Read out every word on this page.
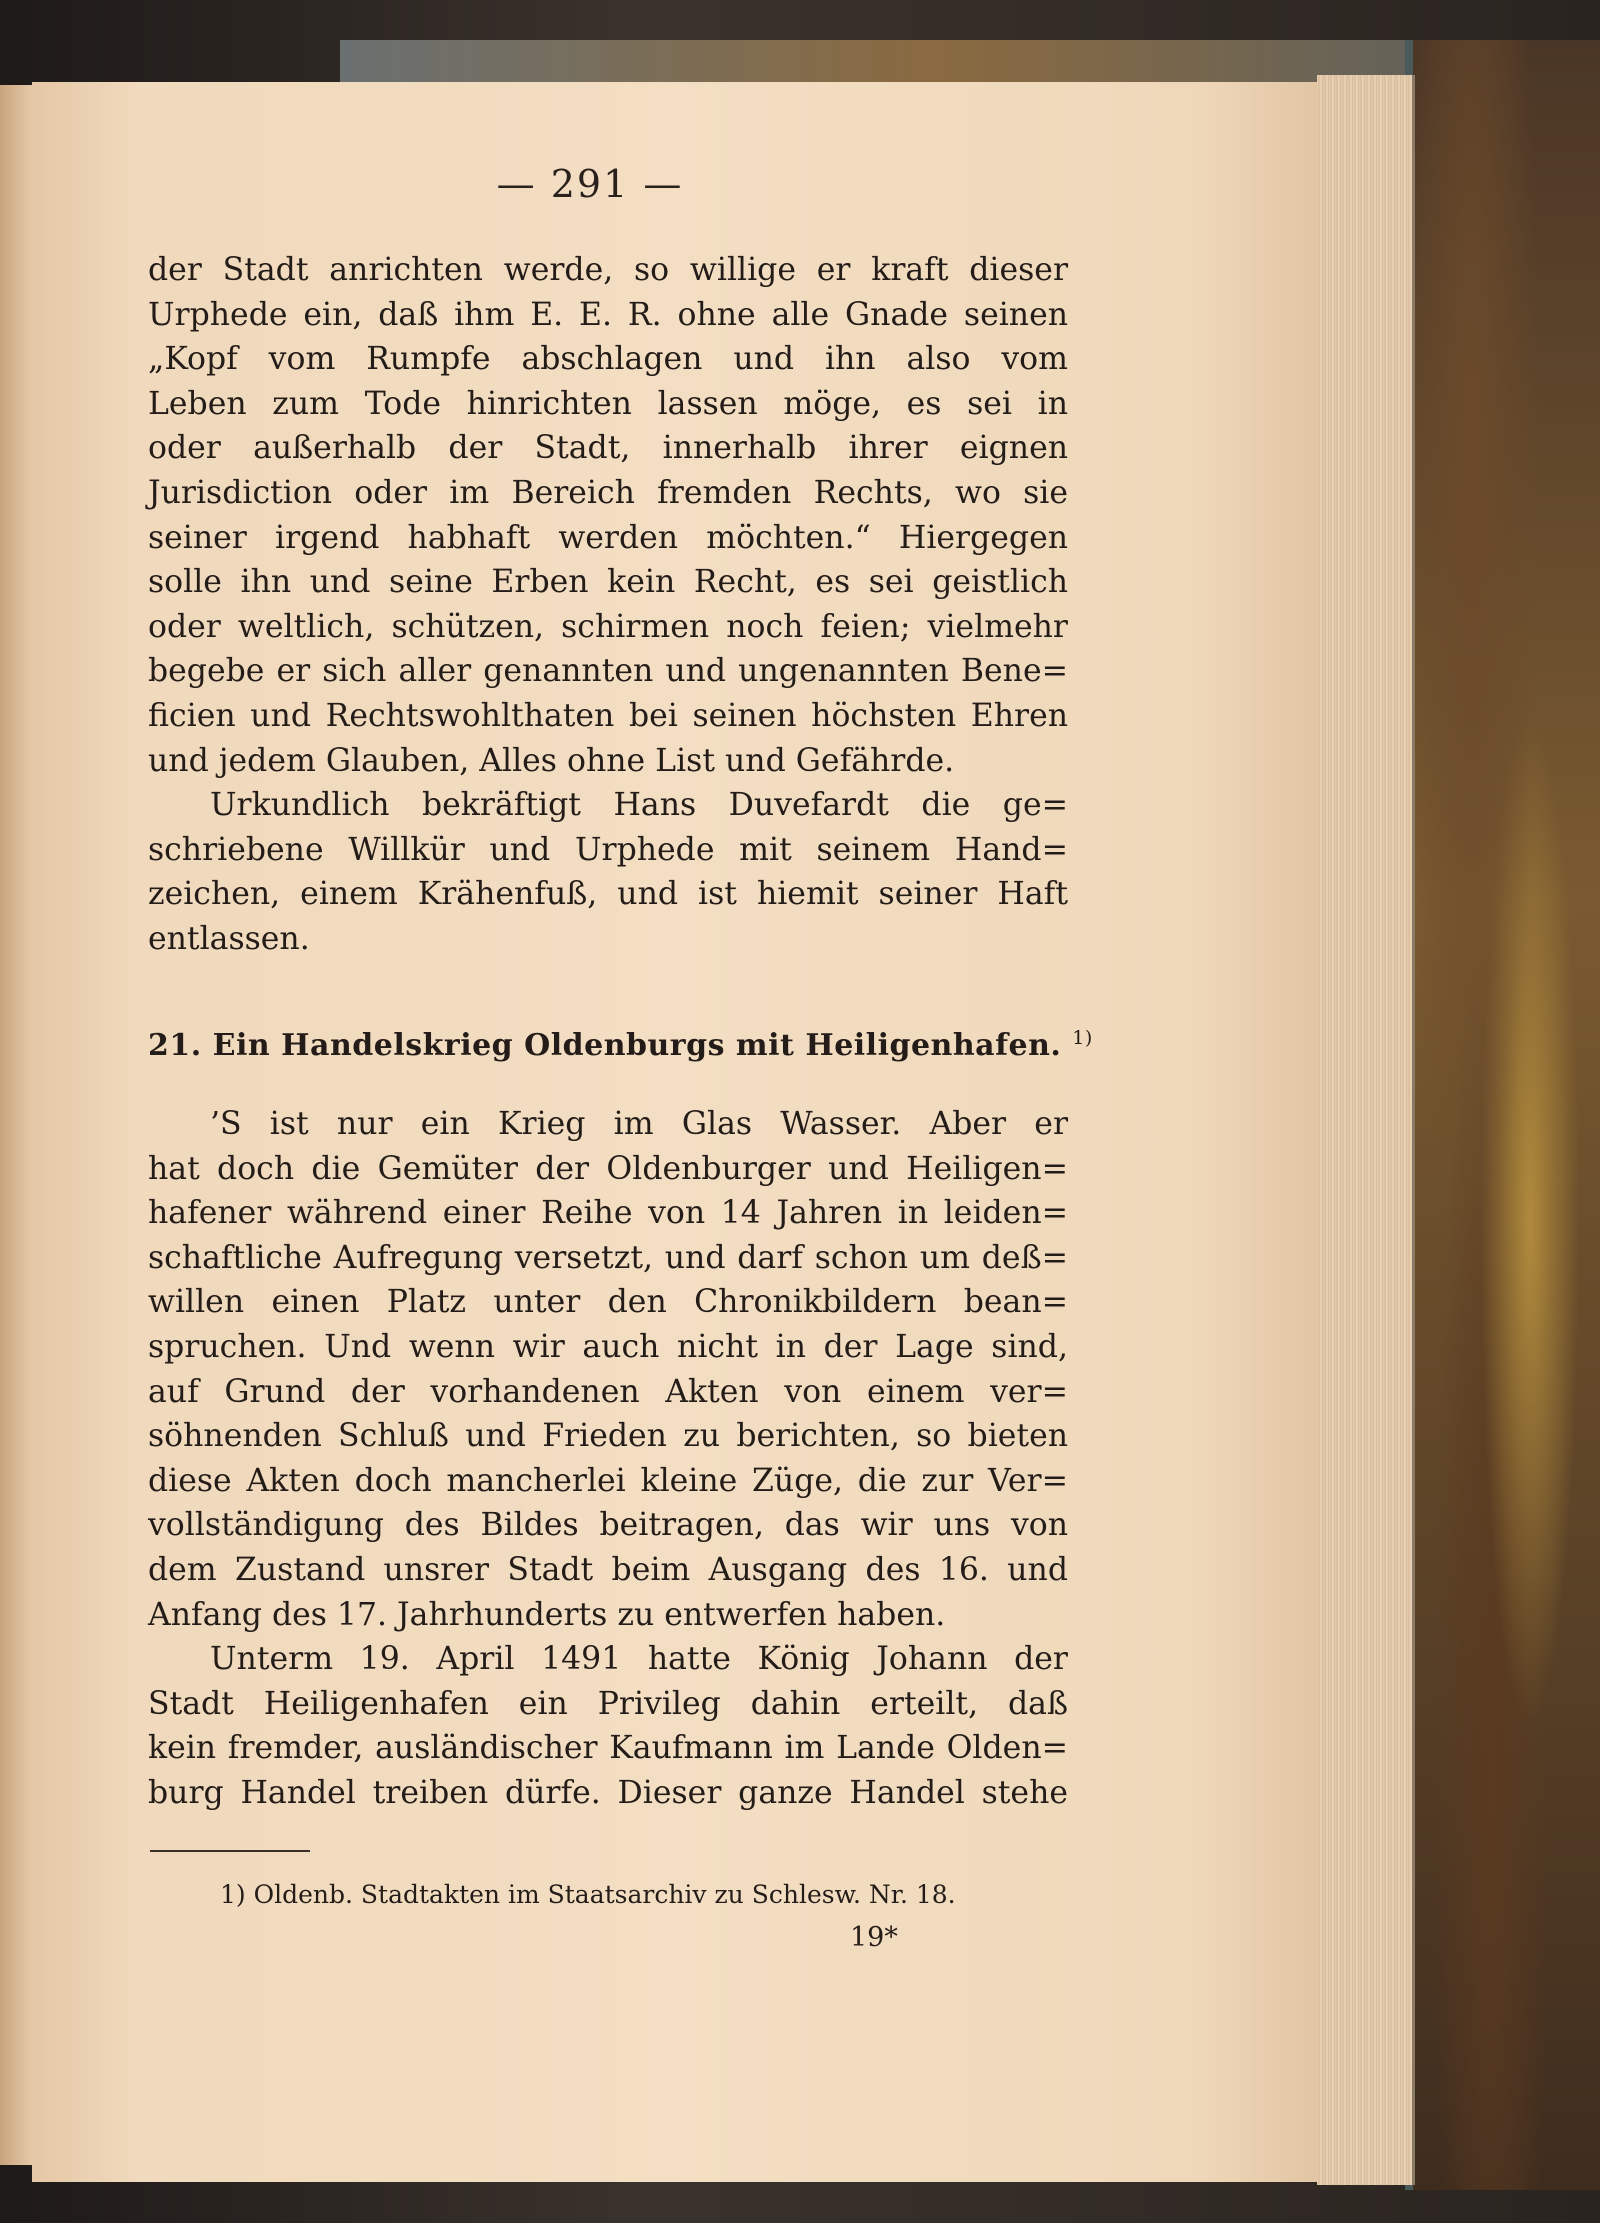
— 291 —
der Stadt anrichten werde, so willige er kraft dieser
Urphede ein, daß ihm E. E. R. ohne alle Gnade seinen
„Kopf vom Rumpfe abschlagen und ihn also vom
Leben zum Tode hinrichten lassen möge, es sei in
oder außerhalb der Stadt, innerhalb ihrer eignen
Jurisdiction oder im Bereich fremden Rechts, wo sie
seiner irgend habhaft werden möchten.“ Hiergegen
solle ihn und seine Erben kein Recht, es sei geistlich
oder weltlich, schützen, schirmen noch feien; vielmehr
begebe er sich aller genannten und ungenannten Bene=
ficien und Rechtswohlthaten bei seinen höchsten Ehren
und jedem Glauben, Alles ohne List und Gefährde.
Urkundlich bekräftigt Hans Duvefardt die ge=
schriebene Willkür und Urphede mit seinem Hand=
zeichen, einem Krähenfuß, und ist hiemit seiner Haft
entlassen.
21. Ein Handelskrieg Oldenburgs mit Heiligenhafen. $^{1)}$
’S ist nur ein Krieg im Glas Wasser. Aber er
hat doch die Gemüter der Oldenburger und Heiligen=
hafener während einer Reihe von 14 Jahren in leiden=
schaftliche Aufregung versetzt, und darf schon um deß=
willen einen Platz unter den Chronikbildern bean=
spruchen. Und wenn wir auch nicht in der Lage sind,
auf Grund der vorhandenen Akten von einem ver=
söhnenden Schluß und Frieden zu berichten, so bieten
diese Akten doch mancherlei kleine Züge, die zur Ver=
vollständigung des Bildes beitragen, das wir uns von
dem Zustand unsrer Stadt beim Ausgang des 16. und
Anfang des 17. Jahrhunderts zu entwerfen haben.
Unterm 19. April 1491 hatte König Johann der
Stadt Heiligenhafen ein Privileg dahin erteilt, daß
kein fremder, ausländischer Kaufmann im Lande Olden=
burg Handel treiben dürfe. Dieser ganze Handel stehe
1) Oldenb. Stadtakten im Staatsarchiv zu Schlesw. Nr. 18.
19*
